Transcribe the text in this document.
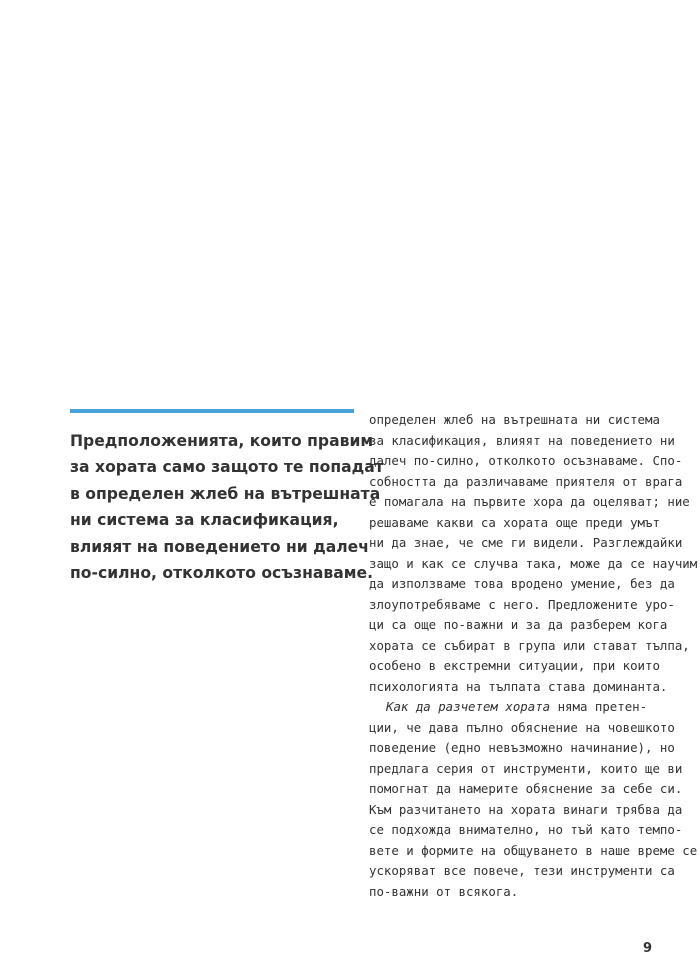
Предположенията, които правим
за хората само защото те попадат
в определен жлеб на вътрешната
ни система за класификация,
влияят на поведението ни далеч
по-силно, отколкото осъзнаваме.
определен жлеб на вътрешната ни система
за класификация, влияят на поведението ни
далеч по-силно, отколкото осъзнаваме. Спо-
собността да различаваме приятеля от врага
е помагала на първите хора да оцеляват; ние
решаваме какви са хората още преди умът
ни да знае, че сме ги видели. Разглеждайки
защо и как се случва така, може да се научим
да използваме това вродено умение, без да
злоупотребяваме с него. Предложените уро-
ци са още по-важни и за да разберем кога
хората се събират в група или стават тълпа,
особено в екстремни ситуации, при които
психологията на тълпата става доминанта.
Как да разчетем хората няма претен-
ции, че дава пълно обяснение на човешкото
поведение (едно невъзможно начинание), но
предлага серия от инструменти, които ще ви
помогнат да намерите обяснение за себе си.
Към разчитането на хората винаги трябва да
се подхожда внимателно, но тъй като темпо-
вете и формите на общуването в наше време се
ускоряват все повече, тези инструменти са
по-важни от всякога.
9
